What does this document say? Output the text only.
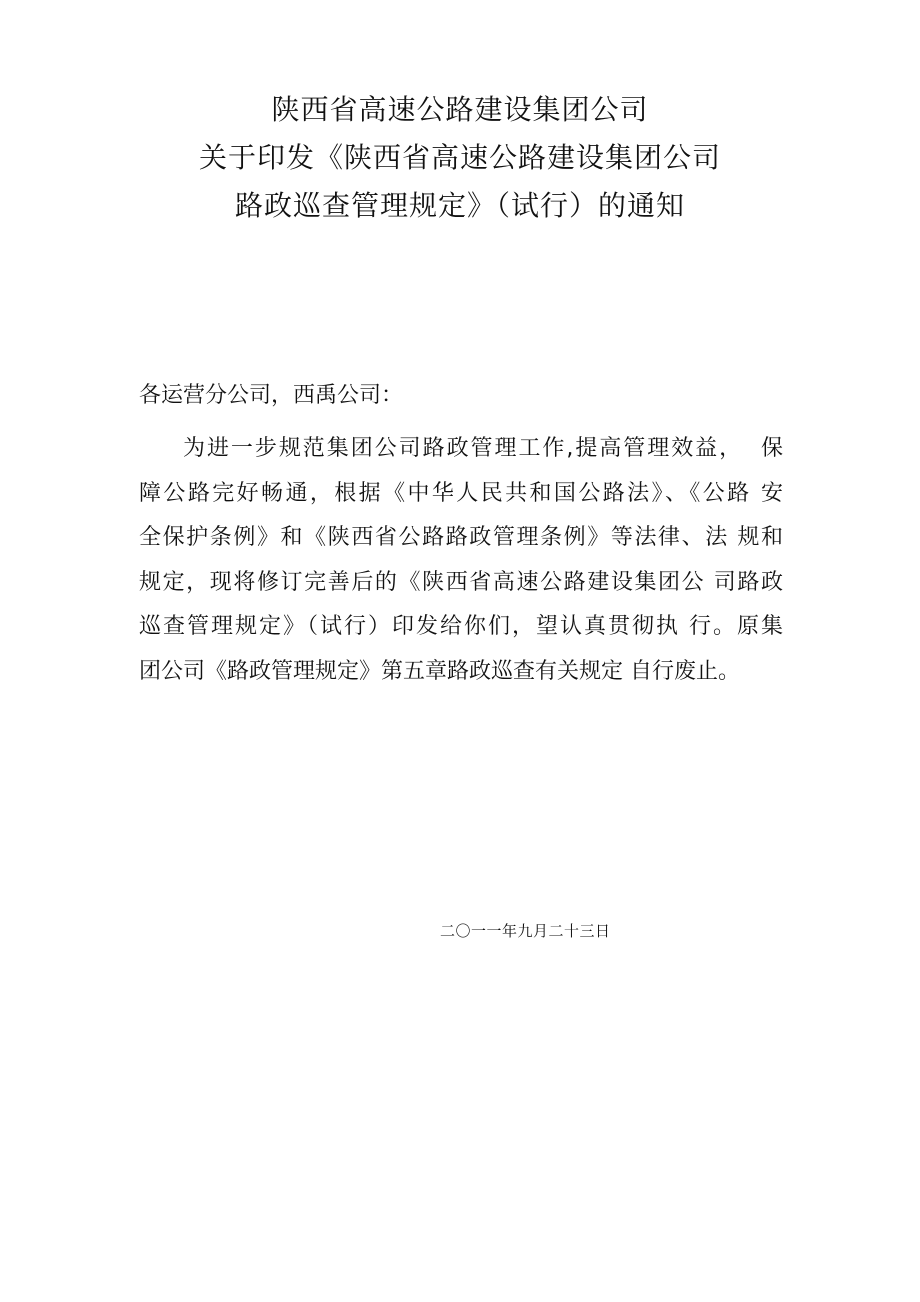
陕西省高速公路建设集团公司
关于印发《陕西省高速公路建设集团公司
路政巡查管理规定》（试行）的通知
各运营分公司，西禹公司：
为进一步规范集团公司路政管理工作,提高管理效益，  保
障公路完好畅通，根据《中华人民共和国公路法》、《公路 安
全保护条例》和《陕西省公路路政管理条例》等法律、法 规和
规定，现将修订完善后的《陕西省高速公路建设集团公 司路政
巡查管理规定》（试行）印发给你们，望认真贯彻执 行。原集
团公司《路政管理规定》第五章路政巡查有关规定 自行废止。
二〇一一年九月二十三日
